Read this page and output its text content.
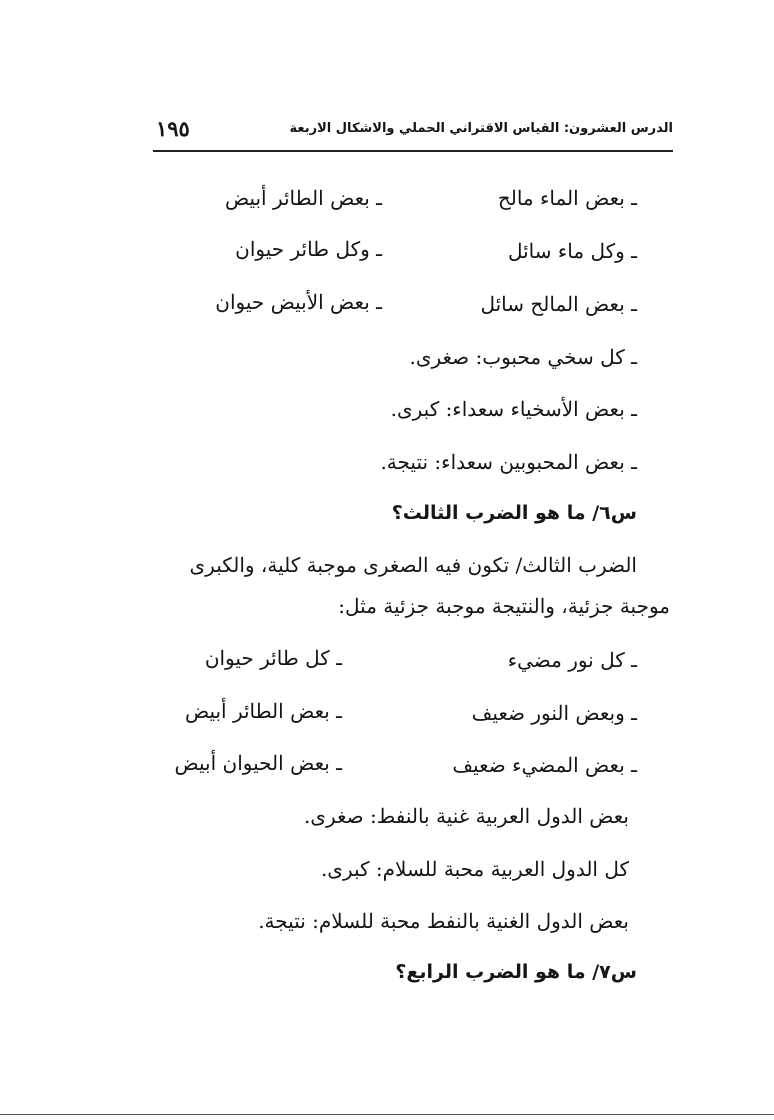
الدرس العشرون: القياس الاقتراني الحملي والاشكال الاربعة
١٩٥
ـ بعض الماء مالح
ـ بعض الطائر أبيض
ـ وكل ماء سائل
ـ وكل طائر حيوان
ـ بعض المالح سائل
ـ بعض الأبيض حيوان
ـ كل سخي محبوب: صغرى.
ـ بعض الأسخياء سعداء: كبرى.
ـ بعض المحبوبين سعداء: نتيجة.
س٦/ ما هو الضرب الثالث؟
الضرب الثالث/ تكون فيه الصغرى موجبة كلية، والكبرى
موجبة جزئية، والنتيجة موجبة جزئية مثل:
ـ كل نور مضيء
ـ كل طائر حيوان
ـ وبعض النور ضعيف
ـ بعض الطائر أبيض
ـ بعض المضيء ضعيف
ـ بعض الحيوان أبيض
بعض الدول العربية غنية بالنفط: صغرى.
كل الدول العربية محبة للسلام: كبرى.
بعض الدول الغنية بالنفط محبة للسلام: نتيجة.
س٧/ ما هو الضرب الرابع؟
